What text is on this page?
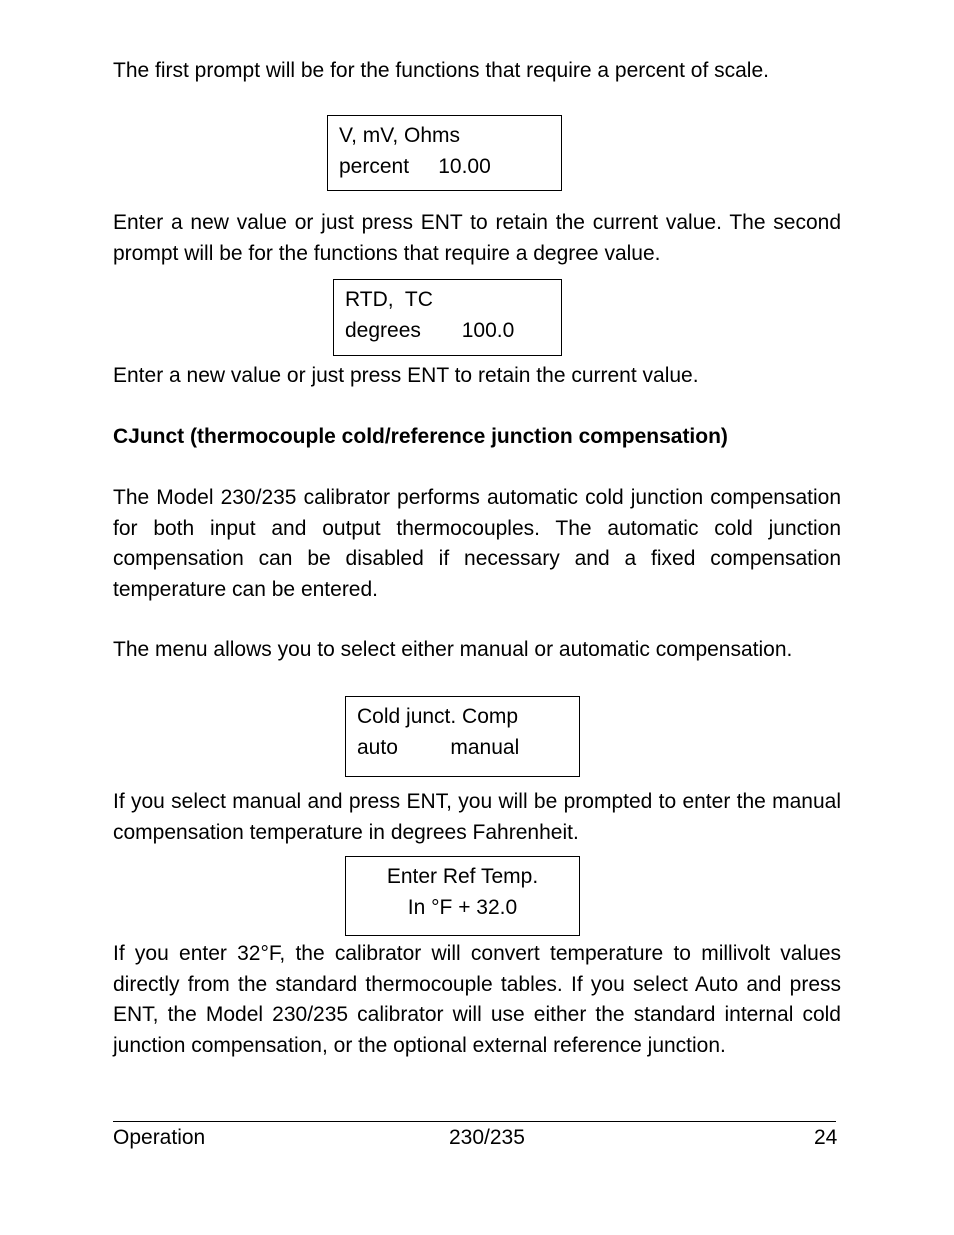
The first prompt will be for the functions that require a percent of scale.

V, mV, Ohms
percent     10.00

Enter a new value or just press ENT to retain the current value. The second prompt will be for the functions that require a degree value.

RTD,  TC
degrees       100.0

Enter a new value or just press ENT to retain the current value.

CJunct (thermocouple cold/reference junction compensation)

The Model 230/235 calibrator performs automatic cold junction compensation for both input and output thermocouples. The automatic cold junction compensation can be disabled if necessary and a fixed compensation temperature can be entered.

The menu allows you to select either manual or automatic compensation.

Cold junct. Comp
auto         manual

If you select manual and press ENT, you will be prompted to enter the manual compensation temperature in degrees Fahrenheit.

Enter Ref Temp.
In °F + 32.0

If you enter 32°F, the calibrator will convert temperature to millivolt values directly from the standard thermocouple tables. If you select Auto and press ENT, the Model 230/235 calibrator will use either the standard internal cold junction compensation, or the optional external reference junction.

Operation	230/235	24
